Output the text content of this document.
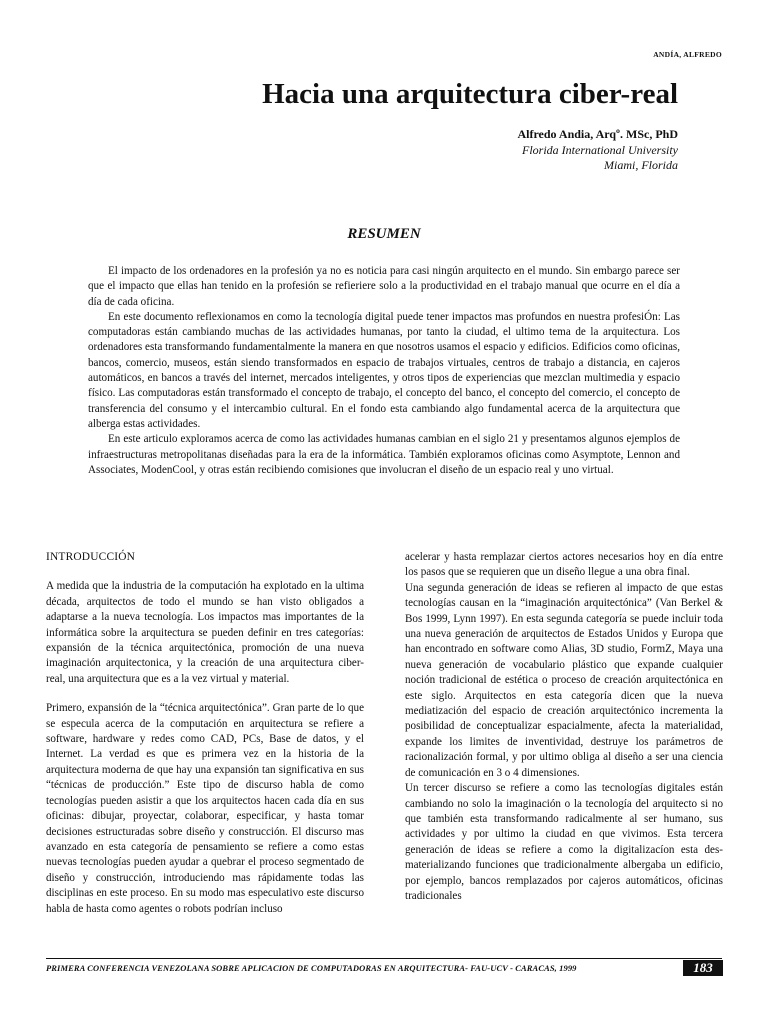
ANDÍA, ALFREDO
Hacia una arquitectura ciber-real
Alfredo Andia, Arqº. MSc, PhD
Florida International University
Miami, Florida
RESUMEN

El impacto de los ordenadores en la profesión ya no es noticia para casi ningún arquitecto en el mundo. Sin embargo parece ser que el impacto que ellas han tenido en la profesión se refieriere solo a la productividad en el trabajo manual que ocurre en el día a día de cada oficina.

En este documento reflexionamos en como la tecnología digital puede tener impactos mas profundos en nuestra profesiÓn: Las computadoras están cambiando muchas de las actividades humanas, por tanto la ciudad, el ultimo tema de la arquitectura. Los ordenadores esta transformando fundamentalmente la manera en que nosotros usamos el espacio y edificios. Edificios como oficinas, bancos, comercio, museos, están siendo transformados en espacio de trabajos virtuales, centros de trabajo a distancia, en cajeros automáticos, en bancos a través del internet, mercados inteligentes, y otros tipos de experiencias que mezclan multimedia y espacio físico. Las computadoras están transformado el concepto de trabajo, el concepto del banco, el concepto del comercio, el concepto de transferencia del consumo y el intercambio cultural. En el fondo esta cambiando algo fundamental acerca de la arquitectura que alberga estas actividades.

En este articulo exploramos acerca de como las actividades humanas cambian en el siglo 21 y presentamos algunos ejemplos de infraestructuras metropolitanas diseñadas para la era de la informática. También exploramos oficinas como Asymptote, Lennon and Associates, ModenCool, y otras están recibiendo comisiones que involucran el diseño de un espacio real y uno virtual.

INTRODUCCIÓN

A medida que la industria de la computación ha explotado en la ultima década, arquitectos de todo el mundo se han visto obligados a adaptarse a la nueva tecnología. Los impactos mas importantes de la informática sobre la arquitectura se pueden definir en tres categorías: expansión de la técnica arquitectónica, promoción de una nueva imaginación arquitectonica, y la creación de una arquitectura ciber-real, una arquitectura que es a la vez virtual y material.

Primero, expansión de la “técnica arquitectónica”. Gran parte de lo que se especula acerca de la computación en arquitectura se refiere a software, hardware y redes como CAD, PCs, Base de datos, y el Internet. La verdad es que es primera vez en la historia de la arquitectura moderna de que hay una expansión tan significativa en sus “técnicas de producción.” Este tipo de discurso habla de como tecnologías pueden asistir a que los arquitectos hacen cada día en sus oficinas: dibujar, proyectar, colaborar, especificar, y hasta tomar decisiones estructuradas sobre diseño y construcción. El discurso mas avanzado en esta categoría de pensamiento se refiere a como estas nuevas tecnologías pueden ayudar a quebrar el proceso segmentado de diseño y construcción, introduciendo mas rápidamente todas las disciplinas en este proceso. En su modo mas especulativo este discurso habla de hasta como agentes o robots podrían incluso

acelerar y hasta remplazar ciertos actores necesarios hoy en día entre los pasos que se requieren que un diseño llegue a una obra final.

Una segunda generación de ideas se refieren al impacto de que estas tecnologías causan en la “imaginación arquitectónica” (Van Berkel & Bos 1999, Lynn 1997). En esta segunda categoría se puede incluir toda una nueva generación de arquitectos de Estados Unidos y Europa que han encontrado en software como Alias, 3D studio, FormZ, Maya una nueva generación de vocabulario plástico que expande cualquier noción tradicional de estética o proceso de creación arquitectónica en este siglo. Arquitectos en esta categoría dicen que la nueva mediatización del espacio de creación arquitectónico incrementa la posibilidad de conceptualizar espacialmente, afecta la materialidad, expande los limites de inventividad, destruye los parámetros de racionalización formal, y por ultimo obliga al diseño a ser una ciencia de comunicación en 3 o 4 dimensiones.

Un tercer discurso se refiere a como las tecnologías digitales están cambiando no solo la imaginación o la tecnología del arquitecto si no que también esta transformando radicalmente al ser humano, sus actividades y por ultimo la ciudad en que vivimos. Esta tercera generación de ideas se refiere a como la digitalizacíon esta des-materializando funciones que tradicionalmente albergaba un edificio, por ejemplo, bancos remplazados por cajeros automáticos, oficinas tradicionales

PRIMERA CONFERENCIA VENEZOLANA SOBRE APLICACION DE COMPUTADORAS EN ARQUITECTURA- FAU-UCV - CARACAS, 1999	183
